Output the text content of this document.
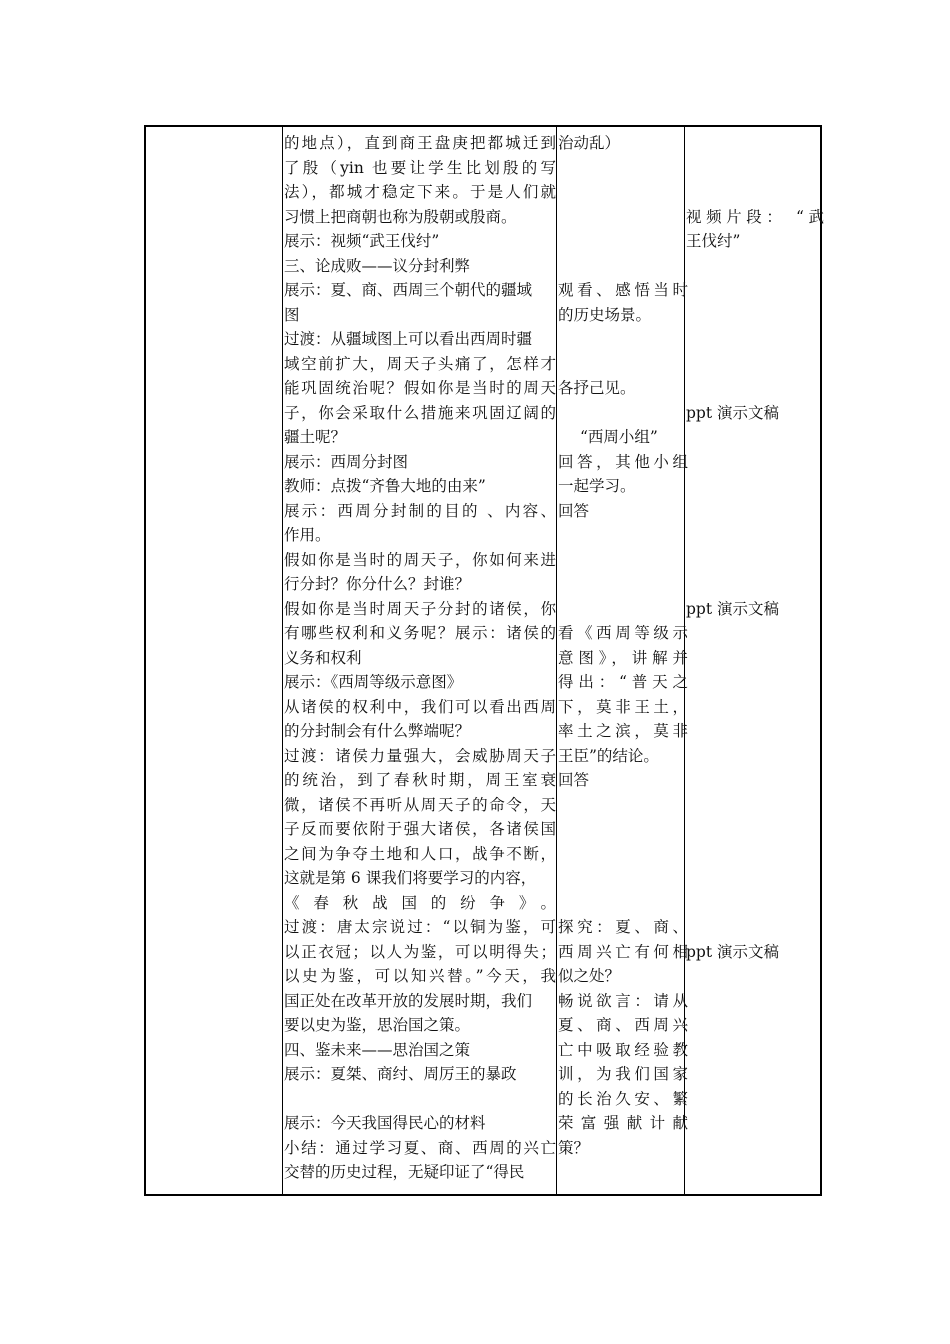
的地点），直到商王盘庚把都城迁到
了殷（yin 也要让学生比划殷的写
法），都城才稳定下来。于是人们就
习惯上把商朝也称为殷朝或殷商。
展示：视频“武王伐纣”
三、论成败——议分封利弊
展示：夏、商、西周三个朝代的疆域
图
过渡：从疆域图上可以看出西周时疆
域空前扩大，周天子头痛了，怎样才
能巩固统治呢？假如你是当时的周天
子，你会采取什么措施来巩固辽阔的
疆土呢？
展示：西周分封图
教师：点拨“齐鲁大地的由来”
展示：西周分封制的目的 、内容、
作用。
假如你是当时的周天子，你如何来进
行分封？你分什么？封谁？
假如你是当时周天子分封的诸侯，你
有哪些权利和义务呢？展示：诸侯的
义务和权利
展示：《西周等级示意图》
从诸侯的权利中，我们可以看出西周
的分封制会有什么弊端呢？
过渡：诸侯力量强大，会威胁周天子
的统治，到了春秋时期，周王室衰
微，诸侯不再听从周天子的命令，天
子反而要依附于强大诸侯，各诸侯国
之间为争夺土地和人口，战争不断，
这就是第 6 课我们将要学习的内容，
《春秋战国的纷争》。
过渡：唐太宗说过：“以铜为鉴，可
以正衣冠；以人为鉴，可以明得失；
以史为鉴，可以知兴替。”今天，我
国正处在改革开放的发展时期，我们
要以史为鉴，思治国之策。
四、鉴未来——思治国之策
展示：夏桀、商纣、周厉王的暴政
展示：今天我国得民心的材料
小结：通过学习夏、商、西周的兴亡
交替的历史过程，无疑印证了“得民
治动乱）
观看、感悟当时
的历史场景。
各抒己见。
“西周小组”
回答，其他小组
一起学习。
回答
看《西周等级示
意图》，讲解并
得出：“普天之
下，莫非王土，
率土之滨，莫非
王臣”的结论。
回答
探究：夏、商、
西周兴亡有何相
似之处？
畅说欲言：请从
夏、商、西周兴
亡中吸取经验教
训，为我们国家
的长治久安、繁
荣富强献计献
策？
视频片段： “武
王伐纣”
ppt 演示文稿
ppt 演示文稿
ppt 演示文稿
